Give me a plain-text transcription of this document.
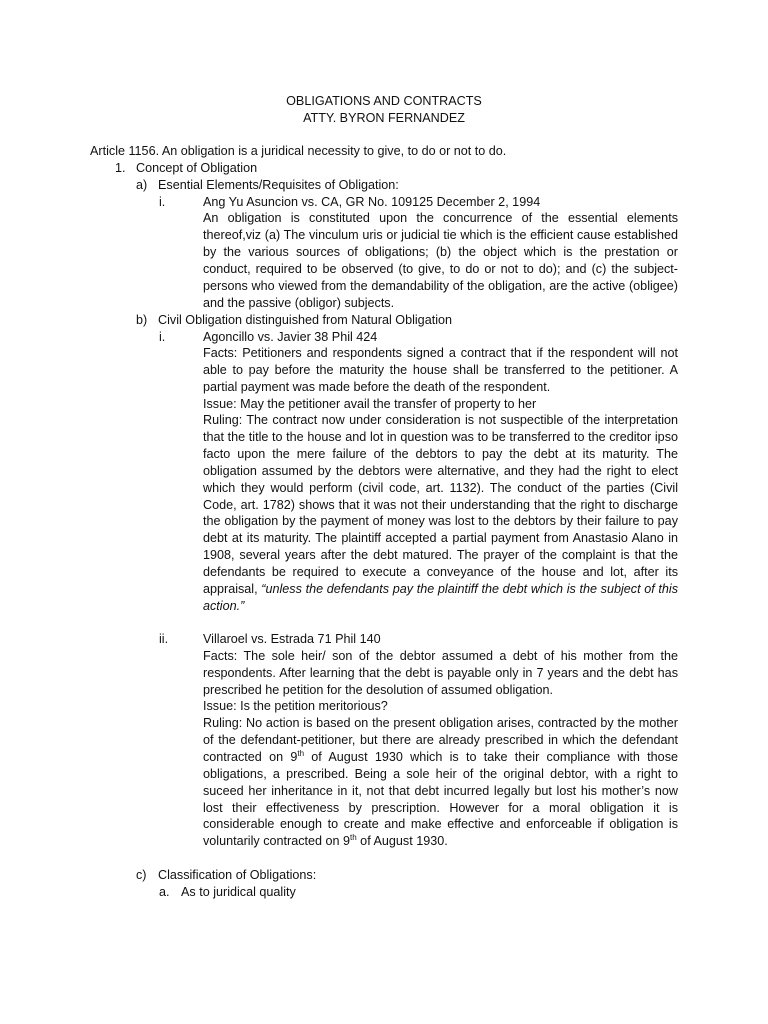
OBLIGATIONS AND CONTRACTS
ATTY. BYRON FERNANDEZ
Article 1156. An obligation is a juridical necessity to give, to do or not to do.
1. Concept of Obligation
a) Esential Elements/Requisites of Obligation:
i.	Ang Yu Asuncion vs. CA, GR No. 109125 December 2, 1994
An obligation is constituted upon the concurrence of the essential elements thereof,viz (a) The vinculum uris or judicial tie which is the efficient cause established by the various sources of obligations; (b) the object which is the prestation or conduct, required to be observed (to give, to do or not to do); and (c) the subject-persons who viewed from the demandability of the obligation, are the active (obligee) and the passive (obligor) subjects.
b) Civil Obligation distinguished from Natural Obligation
i.	Agoncillo vs. Javier 38 Phil 424
Facts: Petitioners and respondents signed a contract that if the respondent will not able to pay before the maturity the house shall be transferred to the petitioner. A partial payment was made before the death of the respondent.
Issue: May the petitioner avail the transfer of property to her
Ruling: The contract now under consideration is not suspectible of the interpretation that the title to the house and lot in question was to be transferred to the creditor ipso facto upon the mere failure of the debtors to pay the debt at its maturity. The obligation assumed by the debtors were alternative, and they had the right to elect which they would perform (civil code, art. 1132). The conduct of the parties (Civil Code, art. 1782) shows that it was not their understanding that the right to discharge the obligation by the payment of money was lost to the debtors by their failure to pay debt at its maturity. The plaintiff accepted a partial payment from Anastasio Alano in 1908, several years after the debt matured. The prayer of the complaint is that the defendants be required to execute a conveyance of the house and lot, after its appraisal, “unless the defendants pay the plaintiff the debt which is the subject of this action.”
ii.	Villaroel vs. Estrada 71 Phil 140
Facts: The sole heir/ son of the debtor assumed a debt of his mother from the respondents. After learning that the debt is payable only in 7 years and the debt has prescribed he petition for the desolution of assumed obligation.
Issue: Is the petition meritorious?
Ruling: No action is based on the present obligation arises, contracted by the mother of the defendant-petitioner, but there are already prescribed in which the defendant contracted on 9th of August 1930 which is to take their compliance with those obligations, a prescribed. Being a sole heir of the original debtor, with a right to suceed her inheritance in it, not that debt incurred legally but lost his mother’s now lost their effectiveness by prescription. However for a moral obligation it is considerable enough to create and make effective and enforceable if obligation is voluntarily contracted on 9th of August 1930.
c) Classification of Obligations:
a. As to juridical quality
